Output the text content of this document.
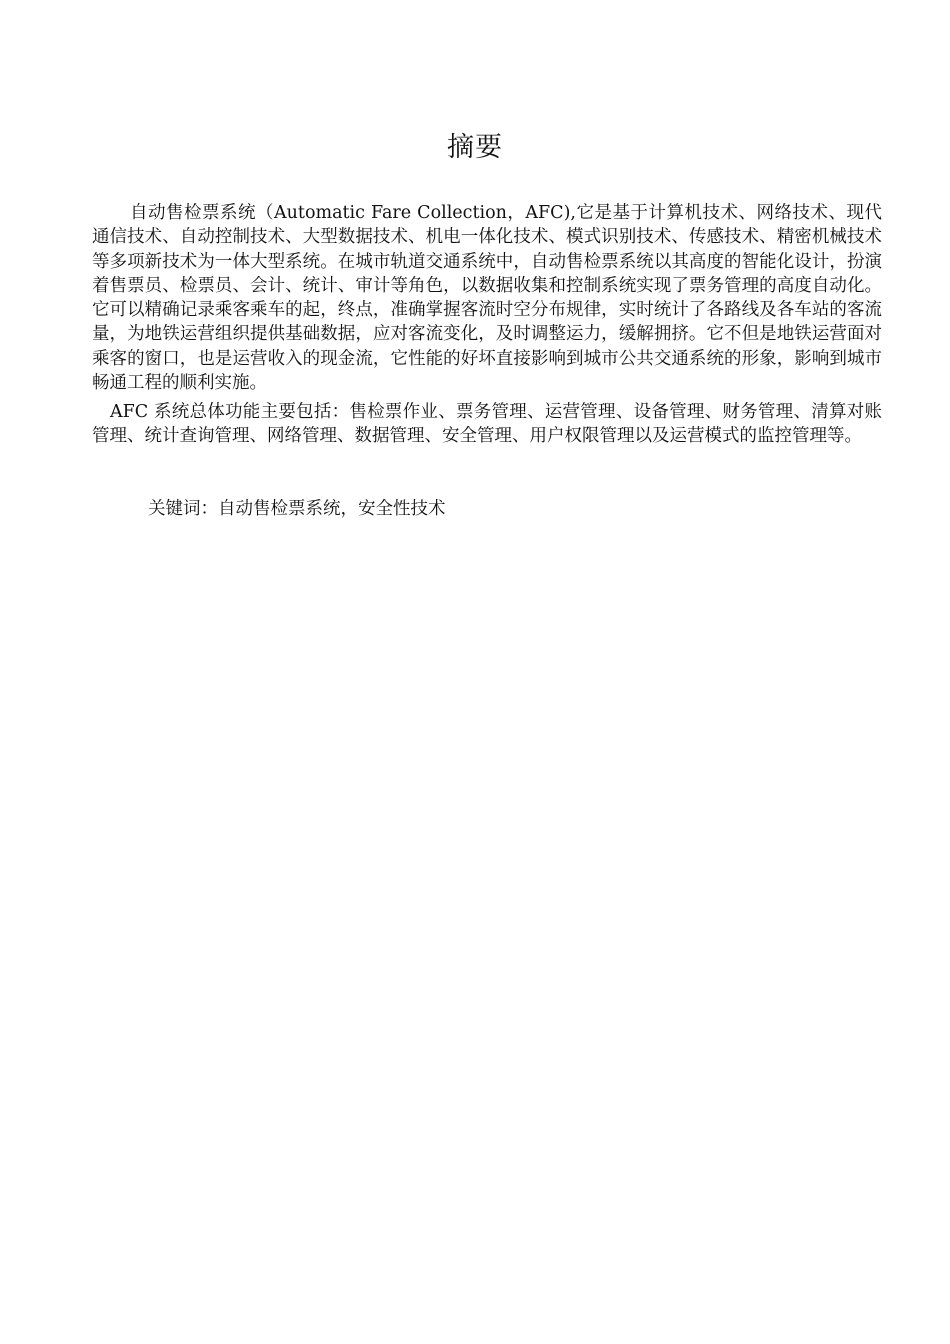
摘要

自动售检票系统（Automatic Fare Collection，AFC),它是基于计算机技术、网络技术、现代通信技术、自动控制技术、大型数据技术、机电一体化技术、模式识别技术、传感技术、精密机械技术等多项新技术为一体大型系统。在城市轨道交通系统中，自动售检票系统以其高度的智能化设计，扮演着售票员、检票员、会计、统计、审计等角色，以数据收集和控制系统实现了票务管理的高度自动化。它可以精确记录乘客乘车的起，终点，准确掌握客流时空分布规律，实时统计了各路线及各车站的客流量，为地铁运营组织提供基础数据，应对客流变化，及时调整运力，缓解拥挤。它不但是地铁运营面对乘客的窗口，也是运营收入的现金流，它性能的好坏直接影响到城市公共交通系统的形象，影响到城市畅通工程的顺利实施。

AFC 系统总体功能主要包括：售检票作业、票务管理、运营管理、设备管理、财务管理、清算对账管理、统计查询管理、网络管理、数据管理、安全管理、用户权限管理以及运营模式的监控管理等。

关键词：自动售检票系统，安全性技术
